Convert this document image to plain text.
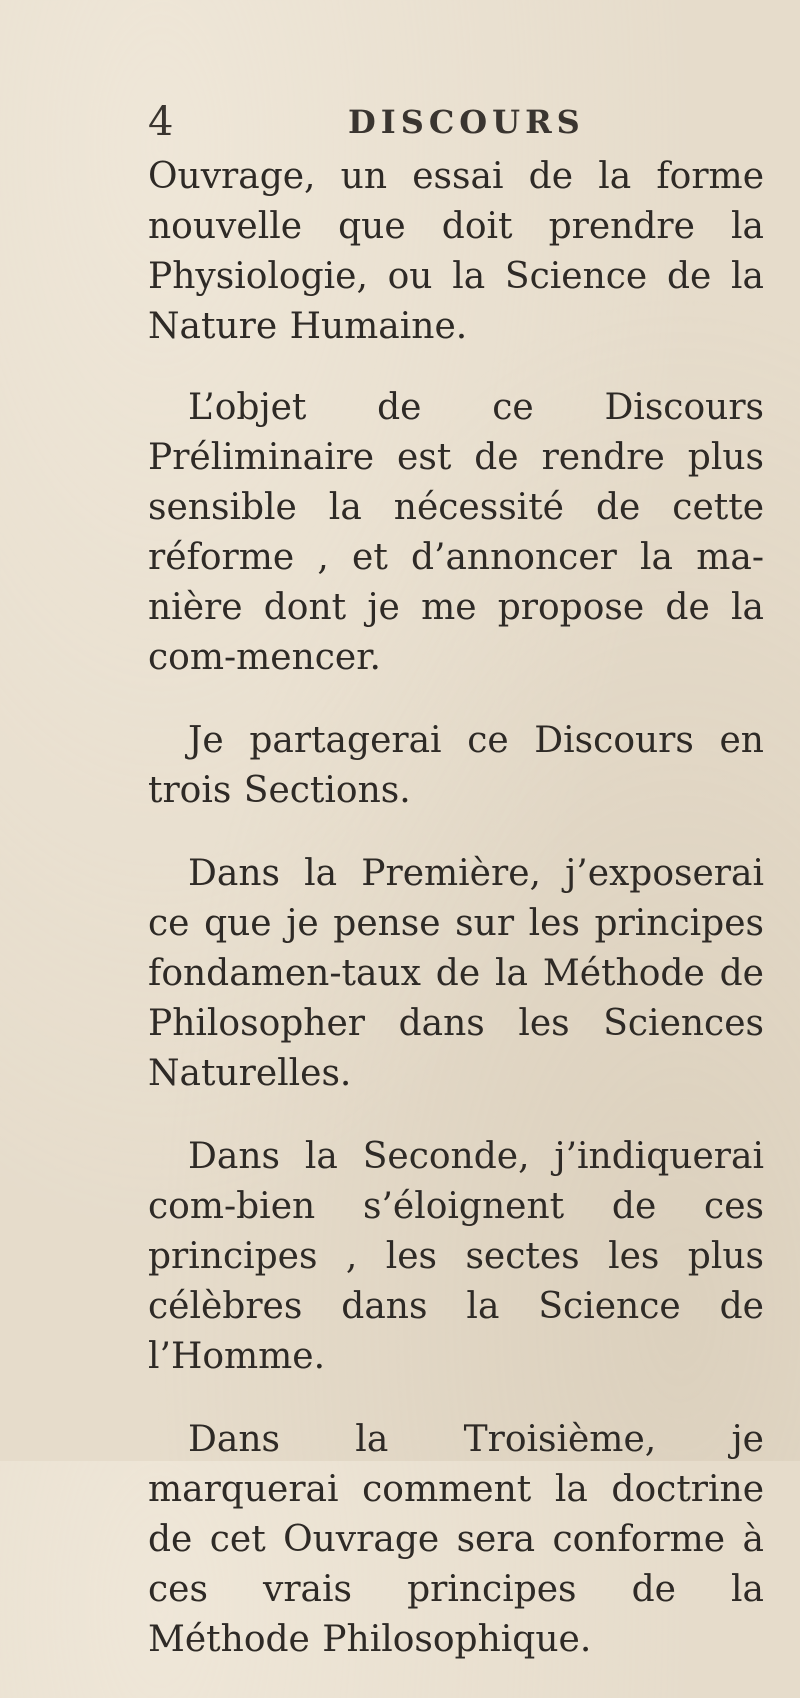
4	DISCOURS

Ouvrage, un essai de la forme nouvelle que doit prendre la Physiologie, ou la Science de la Nature Humaine.

L’objet de ce Discours Préliminaire est de rendre plus sensible la nécessité de cette réforme , et d’annoncer la ma-nière dont je me propose de la com-mencer.

Je partagerai ce Discours en trois Sections.

Dans la Première, j’exposerai ce que je pense sur les principes fondamen-taux de la Méthode de Philosopher dans les Sciences Naturelles.

Dans la Seconde, j’indiquerai com-bien s’éloignent de ces principes , les sectes les plus célèbres dans la Science de l’Homme.

Dans la Troisième, je marquerai comment la doctrine de cet Ouvrage sera conforme à ces vrais principes de la Méthode Philosophique.
